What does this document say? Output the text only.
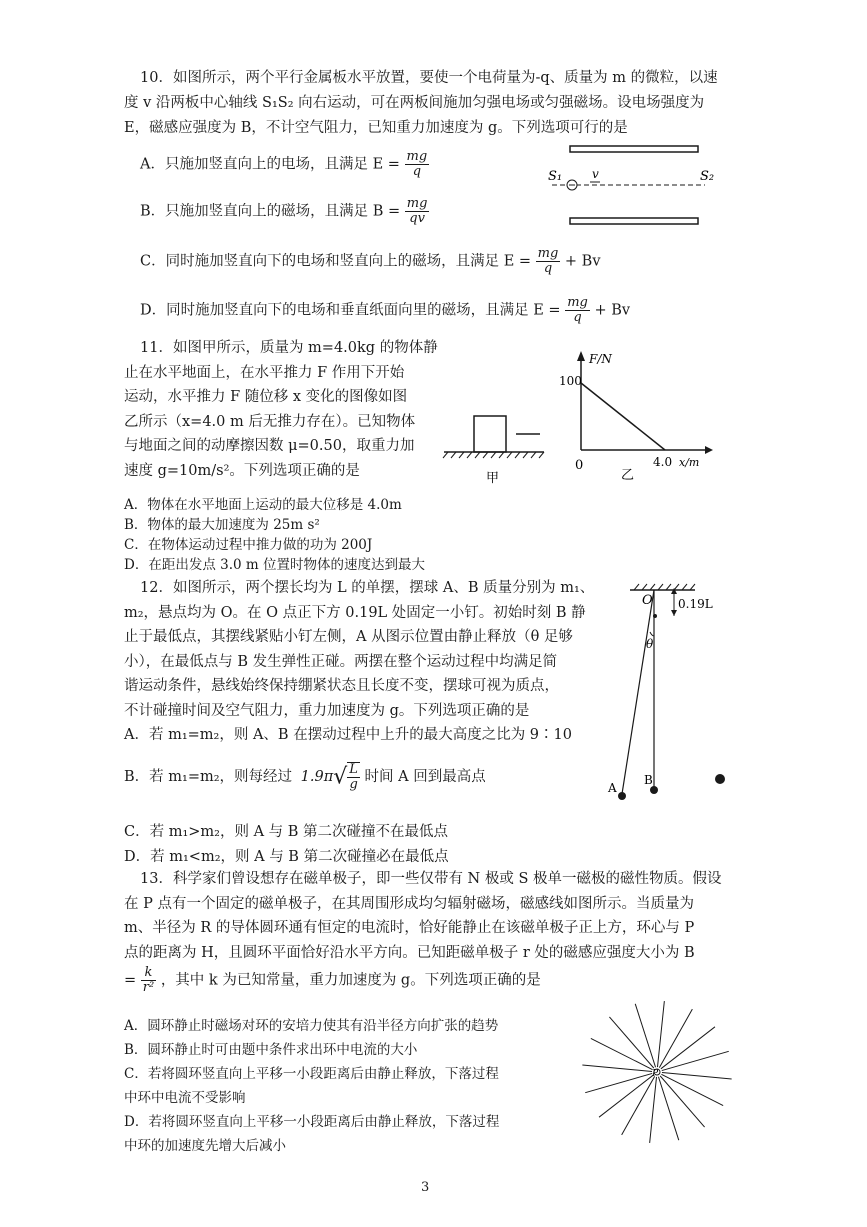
10．如图所示，两个平行金属板水平放置，要使一个电荷量为-q、质量为 m 的微粒，以速
度 v 沿两板中心轴线 S₁S₂ 向右运动，可在两板间施加匀强电场或匀强磁场。设电场强度为
E，磁感应强度为 B，不计空气阻力，已知重力加速度为 g。下列选项可行的是
A．只施加竖直向上的电场，且满足 $E = \frac{mg}{q}$
B．只施加竖直向上的磁场，且满足 $B = \frac{mg}{qv}$
C．同时施加竖直向下的电场和竖直向上的磁场，且满足 $E = \frac{mg}{q} + Bv$
D．同时施加竖直向下的电场和垂直纸面向里的磁场，且满足 $E = \frac{mg}{q} + Bv$
S₁ v	S₂
11．如图甲所示，质量为 m=4.0kg 的物体静
止在水平地面上，在水平推力 F 作用下开始
运动，水平推力 F 随位移 x 变化的图像如图
乙所示（x=4.0 m 后无推力存在）。已知物体
与地面之间的动摩擦因数 μ=0.50，取重力加
速度 g=10m/s²。下列选项正确的是	甲
F/N
100
0	4.0 x/m
乙
A．物体在水平地面上运动的最大位移是 4.0m
B．物体的最大加速度为 25m s²
C．在物体运动过程中推力做的功为 200J
D．在距出发点 3.0 m 位置时物体的速度达到最大
12．如图所示，两个摆长均为 L 的单摆，摆球 A、B 质量分别为 m₁、
m₂，悬点均为 O。在 O 点正下方 0.19L 处固定一小钉。初始时刻 B 静
止于最低点，其摆线紧贴小钉左侧，A 从图示位置由静止释放（θ 足够
小），在最低点与 B 发生弹性正碰。两摆在整个运动过程中均满足简
谐运动条件，悬线始终保持绷紧状态且长度不变，摆球可视为质点，
不计碰撞时间及空气阻力，重力加速度为 g。下列选项正确的是
A．若 m₁=m₂，则 A、B 在摆动过程中上升的最大高度之比为 9∶10
B．若 m₁=m₂，则每经过 $1.9\pi√ \frac{L}{g}$ 时间 A 回到最高点
C．若 m₁>m₂，则 A 与 B 第二次碰撞不在最低点
D．若 m₁<m₂，则 A 与 B 第二次碰撞必在最低点
O 0.19L
θ
A
B
13．科学家们曾设想存在磁单极子，即一些仅带有 N 极或 S 极单一磁极的磁性物质。假设
在 P 点有一个固定的磁单极子，在其周围形成均匀辐射磁场，磁感线如图所示。当质量为
m、半径为 R 的导体圆环通有恒定的电流时，恰好能静止在该磁单极子正上方，环心与 P
点的距离为 H，且圆环平面恰好沿水平方向。已知距磁单极子 r 处的磁感应强度大小为 B
= $\frac{k}{\text{r²}}$ ，其中 k 为已知常量，重力加速度为 g。下列选项正确的是
A．圆环静止时磁场对环的安培力使其有沿半径方向扩张的趋势
B．圆环静止时可由题中条件求出环中电流的大小
C．若将圆环竖直向上平移一小段距离后由静止释放，下落过程
中环中电流不受影响
D．若将圆环竖直向上平移一小段距离后由静止释放，下落过程
中环的加速度先增大后减小
P
3
